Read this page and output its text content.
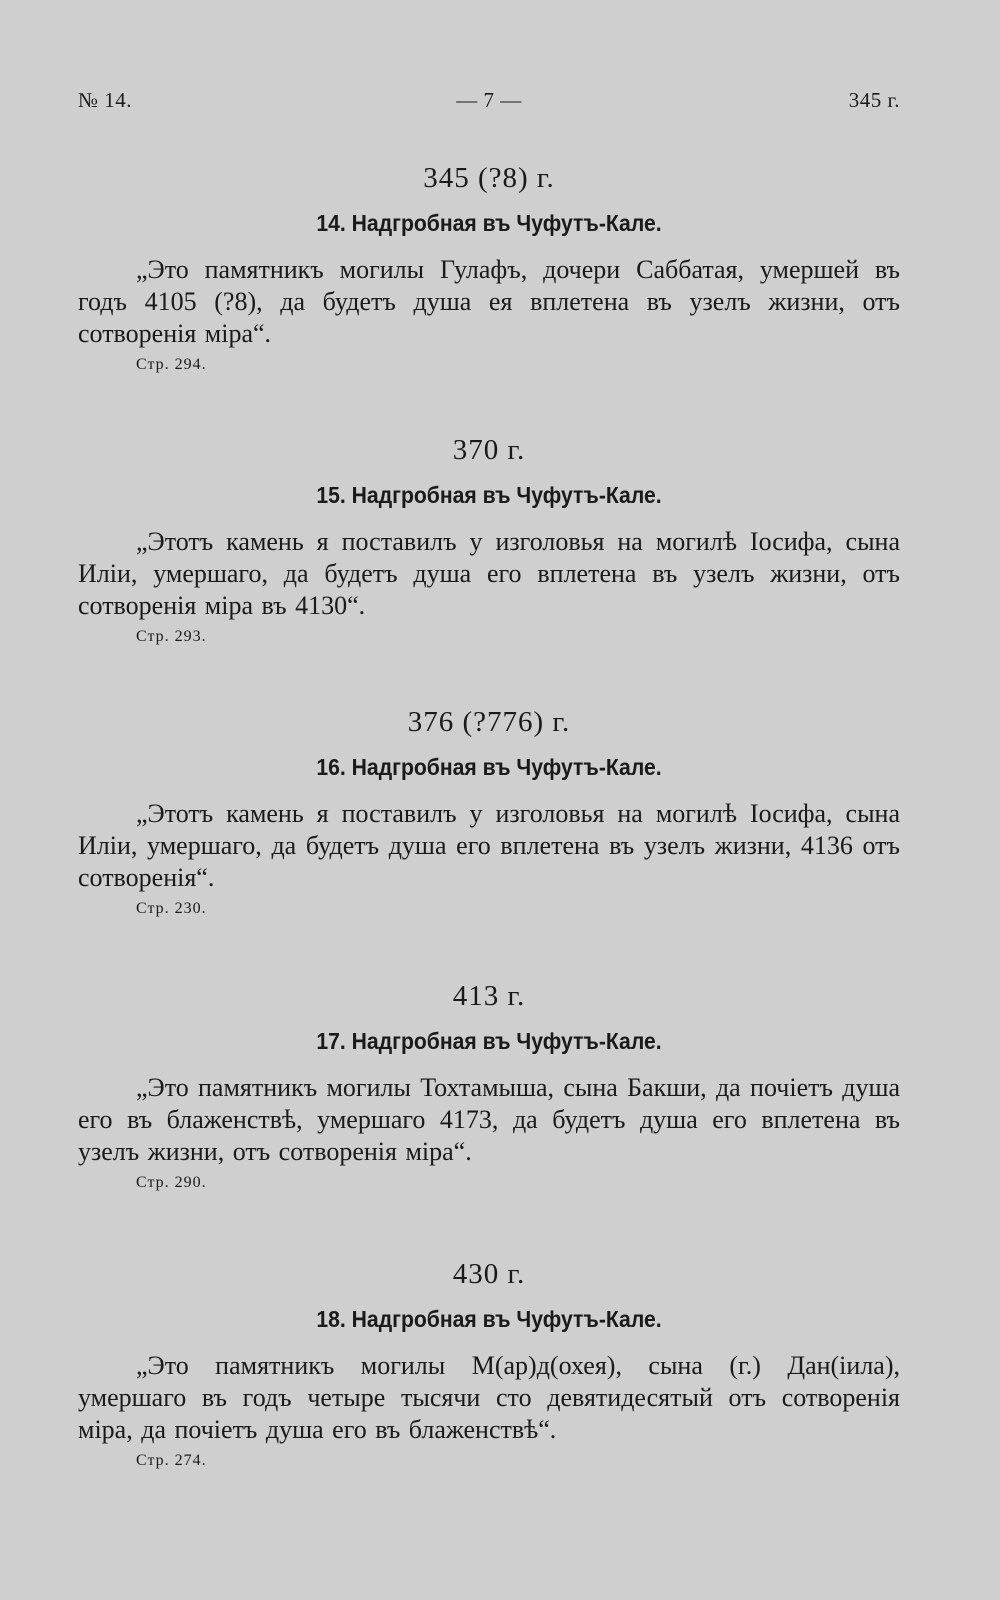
№ 14.	— 7 —	345 г.
345 (?8) г.
14. Надгробная въ Чуфутъ-Кале.
„Это памятникъ могилы Гулафъ, дочери Саббатая, умершей въ годъ 4105 (?8), да будетъ душа ея вплетена въ узелъ жизни, отъ сотворенія міра“.
Стр. 294.
370 г.
15. Надгробная въ Чуфутъ-Кале.
„Этотъ камень я поставилъ у изголовья на могилѣ Іосифа, сына Иліи, умершаго, да будетъ душа его вплетена въ узелъ жизни, отъ сотворенія міра въ 4130“.
Стр. 293.
376 (?776) г.
16. Надгробная въ Чуфутъ-Кале.
„Этотъ камень я поставилъ у изголовья на могилѣ Іосифа, сына Иліи, умершаго, да будетъ душа его вплетена въ узелъ жизни, 4136 отъ сотворенія“.
Стр. 230.
413 г.
17. Надгробная въ Чуфутъ-Кале.
„Это памятникъ могилы Тохтамыша, сына Бакши, да почіетъ душа его въ блаженствѣ, умершаго 4173, да будетъ душа его вплетена въ узелъ жизни, отъ сотворенія міра“.
Стр. 290.
430 г.
18. Надгробная въ Чуфутъ-Кале.
„Это памятникъ могилы М(ар)д(охея), сына (г.) Дан(іила), умершаго въ годъ четыре тысячи сто девятидесятый отъ сотворенія міра, да почіетъ душа его въ блаженствѣ“.
Стр. 274.
